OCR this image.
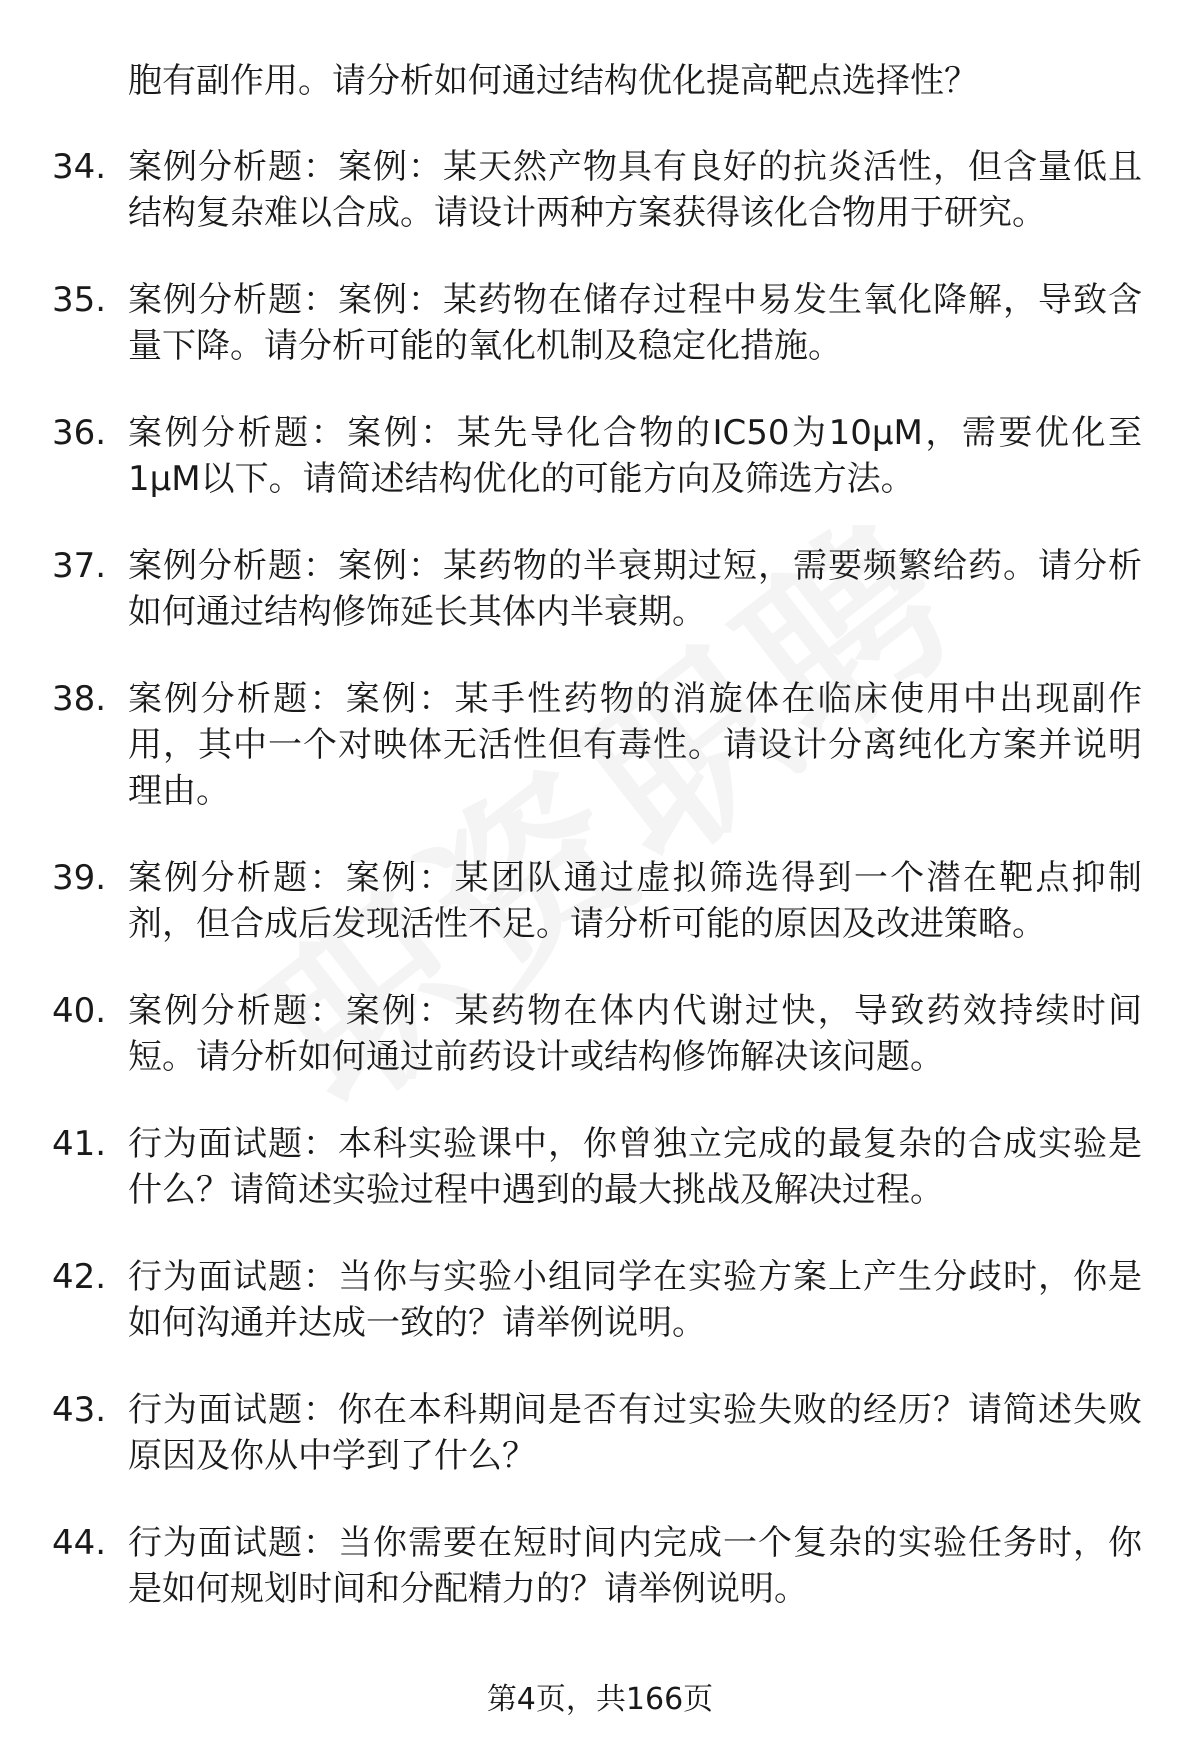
胞有副作用。请分析如何通过结构优化提高靶点选择性？
34. 案例分析题：案例：某天然产物具有良好的抗炎活性，但含量低且结构复杂难以合成。请设计两种方案获得该化合物用于研究。
35. 案例分析题：案例：某药物在储存过程中易发生氧化降解，导致含量下降。请分析可能的氧化机制及稳定化措施。
36. 案例分析题：案例：某先导化合物的IC50为10μM，需要优化至1μM以下。请简述结构优化的可能方向及筛选方法。
37. 案例分析题：案例：某药物的半衰期过短，需要频繁给药。请分析如何通过结构修饰延长其体内半衰期。
38. 案例分析题：案例：某手性药物的消旋体在临床使用中出现副作用，其中一个对映体无活性但有毒性。请设计分离纯化方案并说明理由。
39. 案例分析题：案例：某团队通过虚拟筛选得到一个潜在靶点抑制剂，但合成后发现活性不足。请分析可能的原因及改进策略。
40. 案例分析题：案例：某药物在体内代谢过快，导致药效持续时间短。请分析如何通过前药设计或结构修饰解决该问题。
41. 行为面试题：本科实验课中，你曾独立完成的最复杂的合成实验是什么？请简述实验过程中遇到的最大挑战及解决过程。
42. 行为面试题：当你与实验小组同学在实验方案上产生分歧时，你是如何沟通并达成一致的？请举例说明。
43. 行为面试题：你在本科期间是否有过实验失败的经历？请简述失败原因及你从中学到了什么？
44. 行为面试题：当你需要在短时间内完成一个复杂的实验任务时，你是如何规划时间和分配精力的？请举例说明。
第4页，共166页
